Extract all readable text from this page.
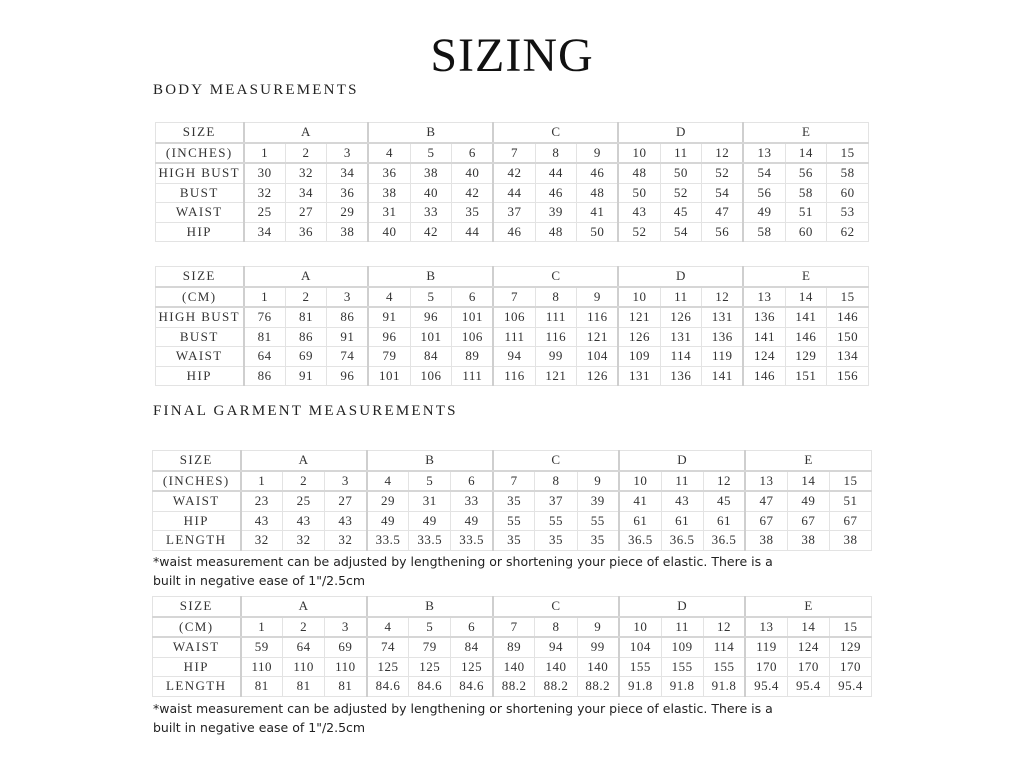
SIZING
BODY MEASUREMENTS
SIZE	A			B			C			D			E		
(INCHES)	1	2	3	4	5	6	7	8	9	10	11	12	13	14	15
HIGH BUST	30	32	34	36	38	40	42	44	46	48	50	52	54	56	58
BUST	32	34	36	38	40	42	44	46	48	50	52	54	56	58	60
WAIST	25	27	29	31	33	35	37	39	41	43	45	47	49	51	53
HIP	34	36	38	40	42	44	46	48	50	52	54	56	58	60	62
SIZE	A			B			C			D			E		
(CM)	1	2	3	4	5	6	7	8	9	10	11	12	13	14	15
HIGH BUST	76	81	86	91	96	101	106	111	116	121	126	131	136	141	146
BUST	81	86	91	96	101	106	111	116	121	126	131	136	141	146	150
WAIST	64	69	74	79	84	89	94	99	104	109	114	119	124	129	134
HIP	86	91	96	101	106	111	116	121	126	131	136	141	146	151	156
FINAL GARMENT MEASUREMENTS
SIZE	A			B			C			D			E		
(INCHES)	1	2	3	4	5	6	7	8	9	10	11	12	13	14	15
WAIST	23	25	27	29	31	33	35	37	39	41	43	45	47	49	51
HIP	43	43	43	49	49	49	55	55	55	61	61	61	67	67	67
LENGTH	32	32	32	33.5	33.5	33.5	35	35	35	36.5	36.5	36.5	38	38	38
*waist measurement can be adjusted by lengthening or shortening your piece of elastic. There is a built in negative ease of 1"/2.5cm
SIZE	A			B			C			D			E		
(CM)	1	2	3	4	5	6	7	8	9	10	11	12	13	14	15
WAIST	59	64	69	74	79	84	89	94	99	104	109	114	119	124	129
HIP	110	110	110	125	125	125	140	140	140	155	155	155	170	170	170
LENGTH	81	81	81	84.6	84.6	84.6	88.2	88.2	88.2	91.8	91.8	91.8	95.4	95.4	95.4
*waist measurement can be adjusted by lengthening or shortening your piece of elastic. There is a built in negative ease of 1"/2.5cm
